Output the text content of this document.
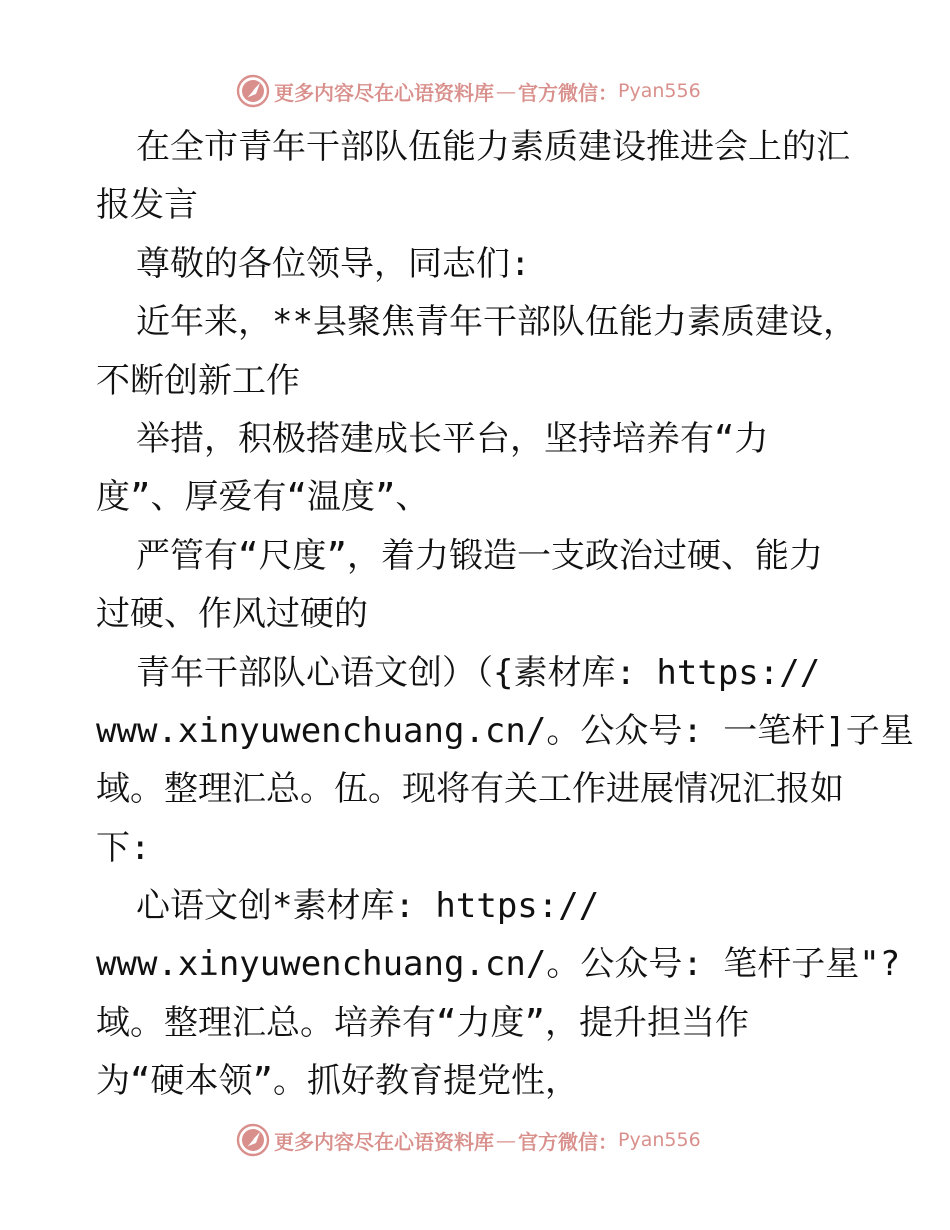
更多内容尽在心语资料库 — 官方微信： Pyan556
在全市青年干部队伍能力素质建设推进会上的汇
报发言
尊敬的各位领导，同志们:
近年来，**县聚焦青年干部队伍能力素质建设，
不断创新工作
举措，积极搭建成长平台，坚持培养有“力
度”、厚爱有“温度”、
严管有“尺度”，着力锻造一支政治过硬、能力
过硬、作风过硬的
青年干部队心语文创）（{素材库: https://
www.xinyuwenchuang.cn/。公众号: 一笔杆]子星
域。整理汇总。伍。现将有关工作进展情况汇报如
下:
心语文创*素材库: https://
www.xinyuwenchuang.cn/。公众号: 笔杆子星"?
域。整理汇总。培养有“力度”，提升担当作
为“硬本领”。抓好教育提党性，
更多内容尽在心语资料库 — 官方微信： Pyan556
